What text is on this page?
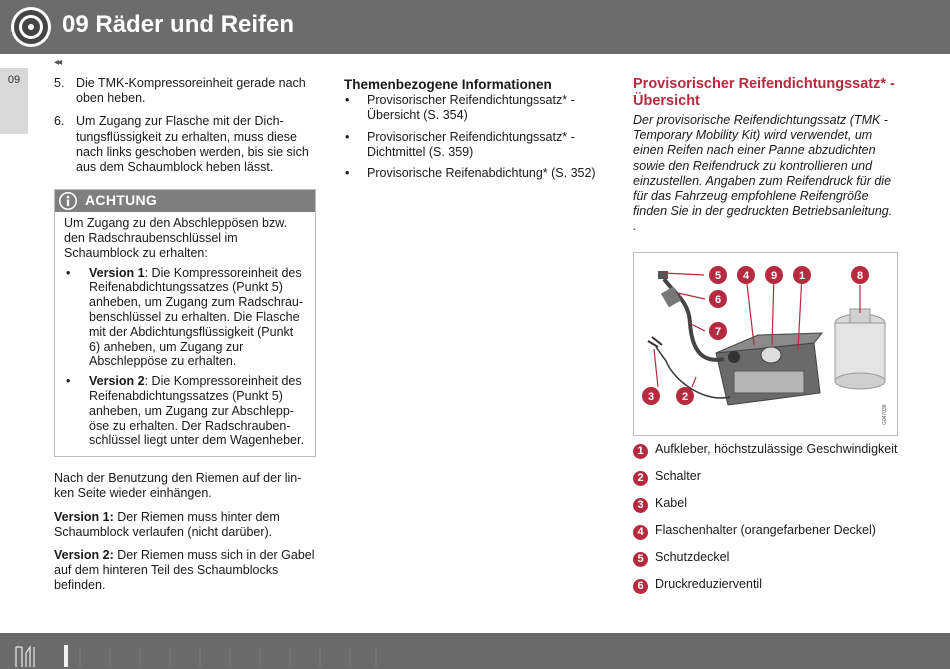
09 Räder und Reifen
09
◂◂
5. Die TMK-Kompressoreinheit gerade nach oben heben.
6. Um Zugang zur Flasche mit der Dichtungsflüssigkeit zu erhalten, muss diese nach links geschoben werden, bis sie sich aus dem Schaumblock heben lässt.
ACHTUNG
Um Zugang zu den Abschleppösen bzw. den Radschraubenschlüssel im Schaumblock zu erhalten:
•	Version 1: Die Kompressoreinheit des Reifenabdichtungssatzes (Punkt 5) anheben, um Zugang zum Radschraubenschlüssel zu erhalten. Die Flasche mit der Abdichtungsflüssigkeit (Punkt 6) anheben, um Zugang zur Abschleppöse zu erhalten.
•	Version 2: Die Kompressoreinheit des Reifenabdichtungssatzes (Punkt 5) anheben, um Zugang zur Abschleppöse zu erhalten. Der Radschraubenschlüssel liegt unter dem Wagenheber.

Nach der Benutzung den Riemen auf der linken Seite wieder einhängen.

Version 1: Der Riemen muss hinter dem Schaumblock verlaufen (nicht darüber).

Version 2: Der Riemen muss sich in der Gabel auf dem hinteren Teil des Schaumblocks befinden.

Themenbezogene Informationen
•	Provisorischer Reifendichtungssatz* - Übersicht (S. 354)
•	Provisorischer Reifendichtungssatz* - Dichtmittel (S. 359)
•	Provisorische Reifenabdichtung* (S. 352)
Provisorischer Reifendichtungssatz* - Übersicht

Der provisorische Reifendichtungssatz (TMK - Temporary Mobility Kit) wird verwendet, um einen Reifen nach einer Panne abzudichten sowie den Reifendruck zu kontrollieren und einzustellen. Angaben zum Reifendruck für die für das Fahrzeug empfohlene Reifengröße finden Sie in der gedruckten Betriebsanleitung. .

5 4 9 1	8
6
7
3	2
G047038
1 Aufkleber, höchstzulässige Geschwindigkeit
2 Schalter
3 Kabel
4 Flaschenhalter (orangefarbener Deckel)
5 Schutzdeckel
6 Druckreduzierventil
